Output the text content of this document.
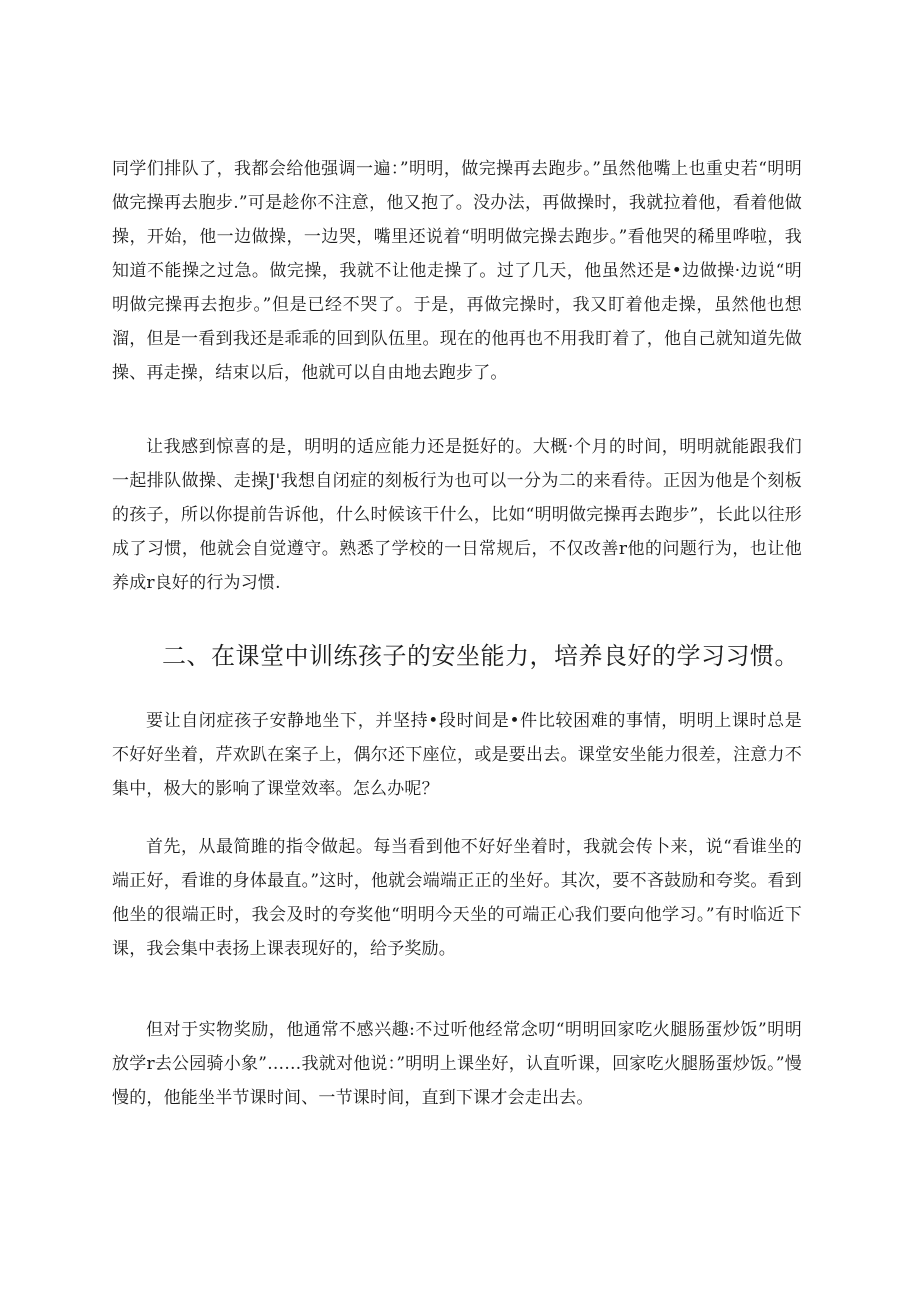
同学们排队了，我都会给他强调一遍：”明明，做完操再去跑步。”虽然他嘴上也重史若“明明做完操再去胞步.”可是趁你不注意，他又抱了。没办法，再做操时，我就拉着他，看着他做操，开始，他一边做操，一边哭，嘴里还说着“明明做完操去跑步。”看他哭的稀里哗啦，我知道不能操之过急。做完操，我就不让他走操了。过了几天，他虽然还是•边做操·边说“明明做完操再去抱步。”但是已经不哭了。于是，再做完操时，我又盯着他走操，虽然他也想溜，但是一看到我还是乖乖的回到队伍里。现在的他再也不用我盯着了，他自己就知道先做操、再走操，结束以后，他就可以自由地去跑步了。

让我感到惊喜的是，明明的适应能力还是挺好的。大概·个月的时间，明明就能跟我们一起排队做操、走操J'我想自闭症的刻板行为也可以一分为二的来看待。正因为他是个刻板的孩子，所以你提前告诉他，什么时候该干什么，比如“明明做完操再去跑步”，长此以往形成了习惯，他就会自觉遵守。熟悉了学校的一日常规后，不仅改善r他的问题行为，也让他养成r良好的行为习惯.

二、在课堂中训练孩子的安坐能力，培养良好的学习习惯。

要让自闭症孩子安静地坐下，并坚持•段时间是•件比较困难的事情，明明上课时总是不好好坐着，芹欢趴在案子上，偶尔还下座位，或是要出去。课堂安坐能力很差，注意力不集中，极大的影响了课堂效率。怎么办呢？

首先，从最简雎的指令做起。每当看到他不好好坐着时，我就会传卜来，说“看谁坐的端正好，看谁的身体最直。”这时，他就会端端正正的坐好。其次，要不吝鼓励和夸奖。看到他坐的很端正时，我会及时的夸奖他“明明今天坐的可端正心我们要向他学习。”有时临近下课，我会集中表扬上课表现好的，给予奖励。

但对于实物奖励，他通常不感兴趣:不过听他经常念叨“明明回家吃火腿肠蛋炒饭”明明放学r去公园骑小象”……我就对他说：”明明上课坐好，认直听课，回家吃火腿肠蛋炒饭。”慢慢的，他能坐半节课时间、一节课时间，直到下课才会走出去。
